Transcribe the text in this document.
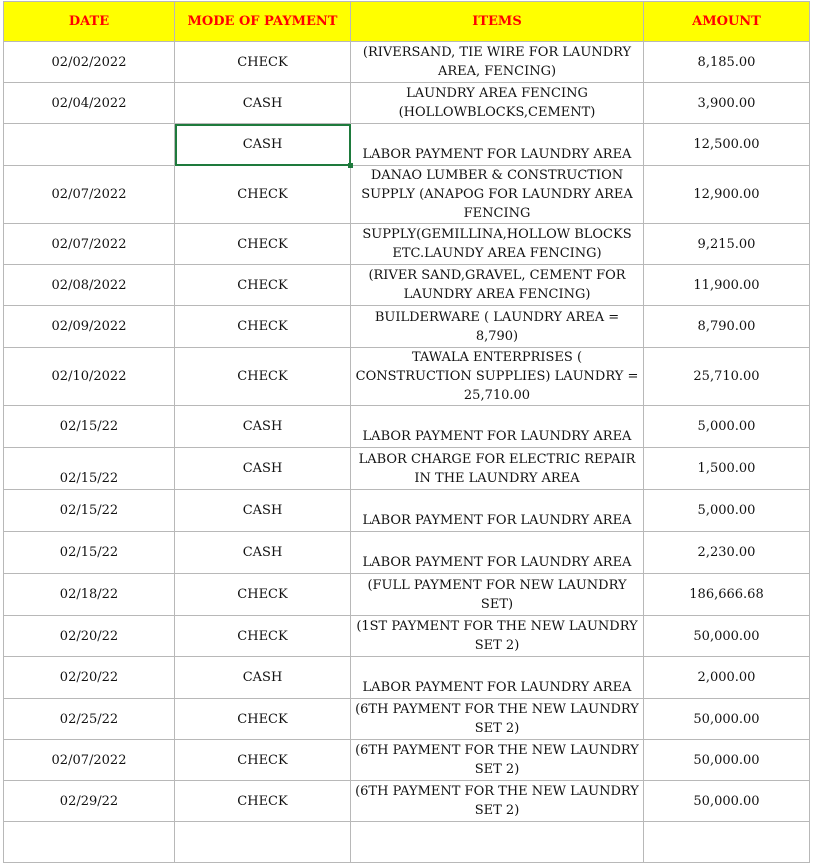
DATE	MODE OF PAYMENT	ITEMS	AMOUNT
02/02/2022	CHECK	(RIVERSAND, TIE WIRE FOR LAUNDRY AREA, FENCING)	8,185.00
02/04/2022	CASH	LAUNDRY AREA FENCING (HOLLOWBLOCKS,CEMENT)	3,900.00
	CASH	LABOR PAYMENT FOR LAUNDRY AREA	12,500.00
02/07/2022	CHECK	DANAO LUMBER & CONSTRUCTION SUPPLY (ANAPOG FOR LAUNDRY AREA FENCING	12,900.00
02/07/2022	CHECK	SUPPLY(GEMILLINA,HOLLOW BLOCKS ETC.LAUNDY AREA FENCING)	9,215.00
02/08/2022	CHECK	(RIVER SAND,GRAVEL, CEMENT FOR LAUNDRY AREA FENCING)	11,900.00
02/09/2022	CHECK	BUILDERWARE ( LAUNDRY AREA = 8,790)	8,790.00
02/10/2022	CHECK	TAWALA ENTERPRISES ( CONSTRUCTION SUPPLIES) LAUNDRY = 25,710.00	25,710.00
02/15/22	CASH	LABOR PAYMENT FOR LAUNDRY AREA	5,000.00
02/15/22	CASH	LABOR CHARGE FOR ELECTRIC REPAIR IN THE LAUNDRY AREA	1,500.00
02/15/22	CASH	LABOR PAYMENT FOR LAUNDRY AREA	5,000.00
02/15/22	CASH	LABOR PAYMENT FOR LAUNDRY AREA	2,230.00
02/18/22	CHECK	(FULL PAYMENT FOR NEW LAUNDRY SET)	186,666.68
02/20/22	CHECK	(1ST PAYMENT FOR THE NEW LAUNDRY SET 2)	50,000.00
02/20/22	CASH	LABOR PAYMENT FOR LAUNDRY AREA	2,000.00
02/25/22	CHECK	(6TH PAYMENT FOR THE NEW LAUNDRY SET 2)	50,000.00
02/07/2022	CHECK	(6TH PAYMENT FOR THE NEW LAUNDRY SET 2)	50,000.00
02/29/22	CHECK	(6TH PAYMENT FOR THE NEW LAUNDRY SET 2)	50,000.00
